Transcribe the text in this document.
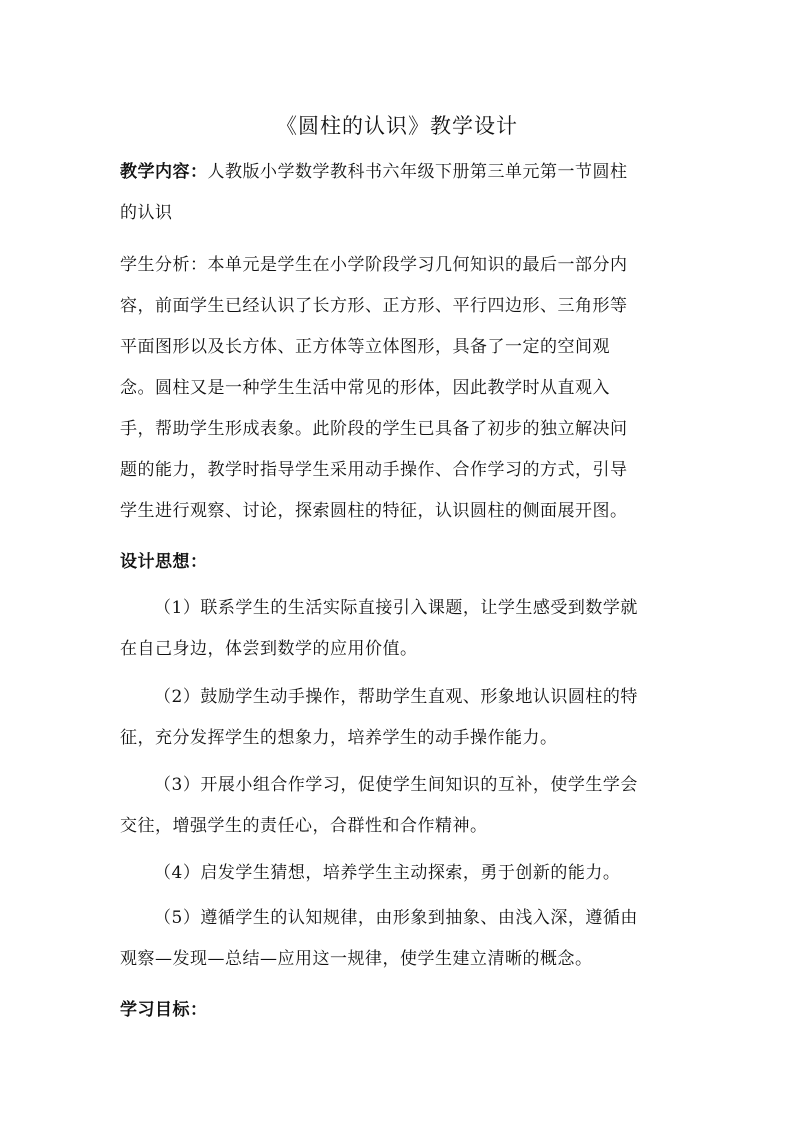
《圆柱的认识》教学设计
教学内容：人教版小学数学教科书六年级下册第三单元第一节圆柱
的认识
学生分析：本单元是学生在小学阶段学习几何知识的最后一部分内
容，前面学生已经认识了长方形、正方形、平行四边形、三角形等
平面图形以及长方体、正方体等立体图形，具备了一定的空间观
念。圆柱又是一种学生生活中常见的形体，因此教学时从直观入
手，帮助学生形成表象。此阶段的学生已具备了初步的独立解决问
题的能力，教学时指导学生采用动手操作、合作学习的方式，引导
学生进行观察、讨论，探索圆柱的特征，认识圆柱的侧面展开图。
设计思想：
（1）联系学生的生活实际直接引入课题，让学生感受到数学就
在自己身边，体尝到数学的应用价值。
（2）鼓励学生动手操作，帮助学生直观、形象地认识圆柱的特
征，充分发挥学生的想象力，培养学生的动手操作能力。
（3）开展小组合作学习，促使学生间知识的互补，使学生学会
交往，增强学生的责任心，合群性和合作精神。
（4）启发学生猜想，培养学生主动探索，勇于创新的能力。
（5）遵循学生的认知规律，由形象到抽象、由浅入深，遵循由
观察—发现—总结—应用这一规律，使学生建立清晰的概念。
学习目标：
